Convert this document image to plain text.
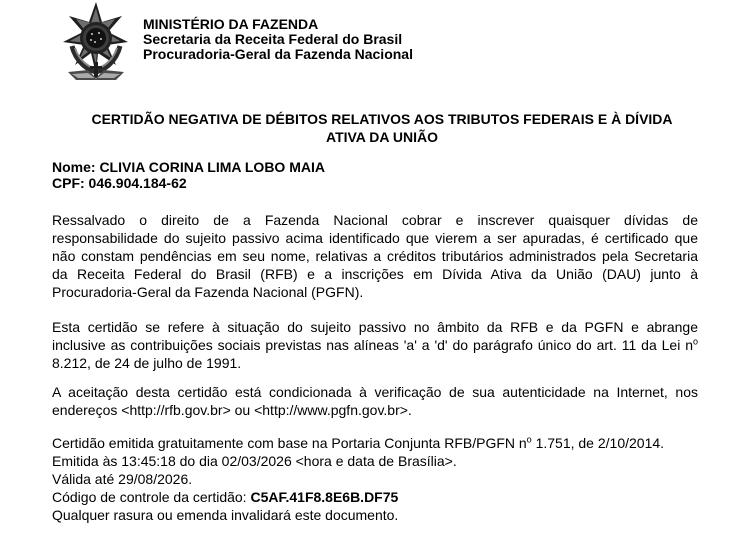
MINISTÉRIO DA FAZENDA
Secretaria da Receita Federal do Brasil
Procuradoria-Geral da Fazenda Nacional
CERTIDÃO NEGATIVA DE DÉBITOS RELATIVOS AOS TRIBUTOS FEDERAIS E À DÍVIDA
ATIVA DA UNIÃO
Nome: CLIVIA CORINA LIMA LOBO MAIA
CPF: 046.904.184-62
Ressalvado o direito de a Fazenda Nacional cobrar e inscrever quaisquer dívidas de
responsabilidade do sujeito passivo acima identificado que vierem a ser apuradas, é certificado que
não constam pendências em seu nome, relativas a créditos tributários administrados pela Secretaria
da Receita Federal do Brasil (RFB) e a inscrições em Dívida Ativa da União (DAU) junto à
Procuradoria-Geral da Fazenda Nacional (PGFN).
Esta certidão se refere à situação do sujeito passivo no âmbito da RFB e da PGFN e abrange
inclusive as contribuições sociais previstas nas alíneas 'a' a 'd' do parágrafo único do art. 11 da Lei $n^o$
8.212, de 24 de julho de 1991.
A aceitação desta certidão está condicionada à verificação de sua autenticidade na Internet, nos
endereços <http://rfb.gov.br> ou <http://www.pgfn.gov.br>.
Certidão emitida gratuitamente com base na Portaria Conjunta RFB/PGFN $n^o$ 1.751, de 2/10/2014.
Emitida às 13:45:18 do dia 02/03/2026 <hora e data de Brasília>.
Válida até 29/08/2026.
Código de controle da certidão: C5AF.41F8.8E6B.DF75
Qualquer rasura ou emenda invalidará este documento.
